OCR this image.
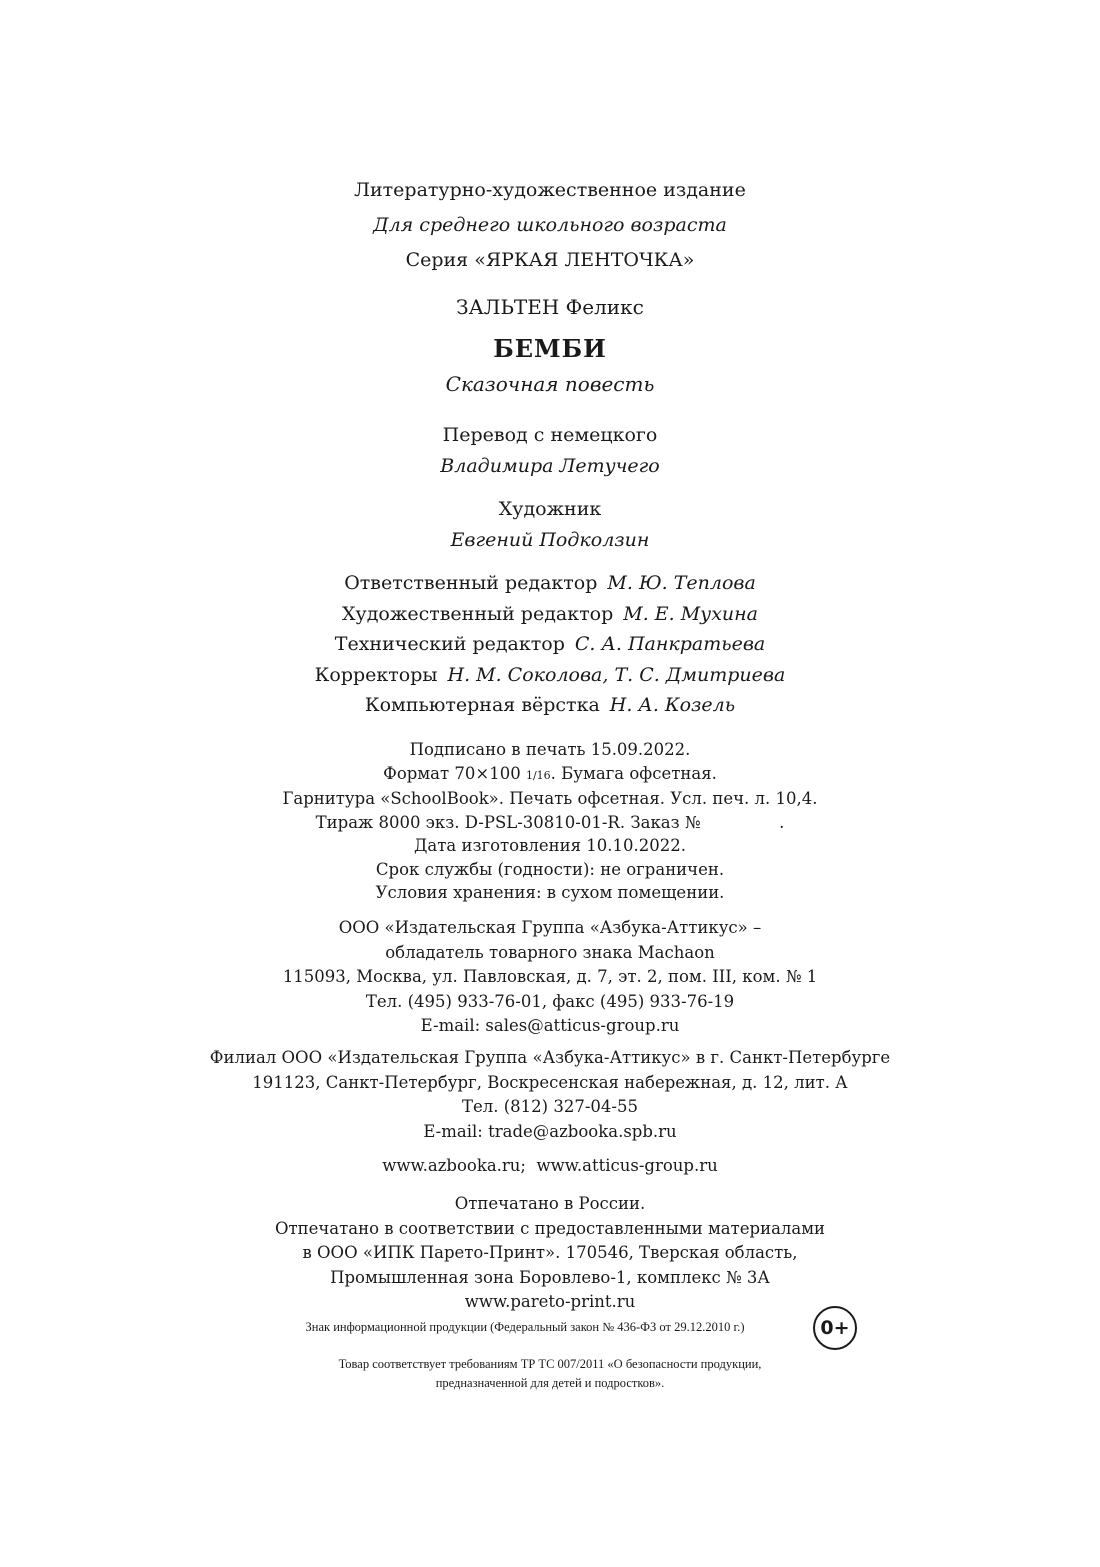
Литературно-художественное издание
Для среднего школьного возраста
Серия «ЯРКАЯ ЛЕНТОЧКА»
ЗАЛЬТЕН Феликс
БЕМБИ
Сказочная повесть
Перевод с немецкого
Владимира Летучего
Художник
Евгений Подколзин
Ответственный редактор М. Ю. Теплова
Художественный редактор М. Е. Мухина
Технический редактор С. А. Панкратьева
Корректоры Н. М. Соколова, Т. С. Дмитриева
Компьютерная вёрстка Н. А. Козель
Подписано в печать 15.09.2022.
Формат 70×100 1/16. Бумага офсетная.
Гарнитура «SchoolBook». Печать офсетная. Усл. печ. л. 10,4.
Тираж 8000 экз. D-PSL-30810-01-R. Заказ №               .
Дата изготовления 10.10.2022.
Срок службы (годности): не ограничен.
Условия хранения: в сухом помещении.
ООО «Издательская Группа «Азбука-Аттикус» –
обладатель товарного знака Machaon
115093, Москва, ул. Павловская, д. 7, эт. 2, пом. III, ком. № 1
Тел. (495) 933-76-01, факс (495) 933-76-19
E-mail: sales@atticus-group.ru
Филиал ООО «Издательская Группа «Азбука-Аттикус» в г. Санкт-Петербурге
191123, Санкт-Петербург, Воскресенская набережная, д. 12, лит. А
Тел. (812) 327-04-55
E-mail: trade@azbooka.spb.ru
www.azbooka.ru;  www.atticus-group.ru
Отпечатано в России.
Отпечатано в соответствии с предоставленными материалами
в ООО «ИПК Парето-Принт». 170546, Тверская область,
Промышленная зона Боровлево-1, комплекс № 3А
www.pareto-print.ru
Знак информационной продукции (Федеральный закон № 436-ФЗ от 29.12.2010 г.)	0+
Товар соответствует требованиям ТР ТС 007/2011 «О безопасности продукции,
предназначенной для детей и подростков».
